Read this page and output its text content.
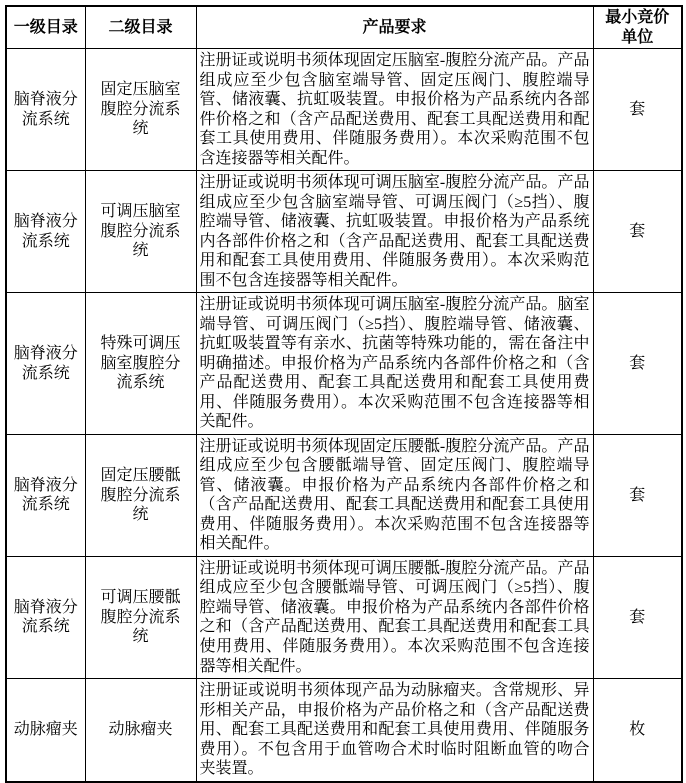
一级目录	二级目录	产品要求	最小竞价单位
脑脊液分流系统	固定压脑室腹腔分流系统	注册证或说明书须体现固定压脑室-腹腔分流产品。产品组成应至少包含脑室端导管、固定压阀门、腹腔端导管、储液囊、抗虹吸装置。申报价格为产品系统内各部件价格之和（含产品配送费用、配套工具配送费用和配套工具使用费用、伴随服务费用）。本次采购范围不包含连接器等相关配件。	套
脑脊液分流系统	可调压脑室腹腔分流系统	注册证或说明书须体现可调压脑室-腹腔分流产品。产品组成应至少包含脑室端导管、可调压阀门（≥5挡）、腹腔端导管、储液囊、抗虹吸装置。申报价格为产品系统内各部件价格之和（含产品配送费用、配套工具配送费用和配套工具使用费用、伴随服务费用）。本次采购范围不包含连接器等相关配件。	套
脑脊液分流系统	特殊可调压脑室腹腔分流系统	注册证或说明书须体现可调压脑室-腹腔分流产品。脑室端导管、可调压阀门（≥5挡）、腹腔端导管、储液囊、抗虹吸装置等有亲水、抗菌等特殊功能的，需在备注中明确描述。申报价格为产品系统内各部件价格之和（含产品配送费用、配套工具配送费用和配套工具使用费用、伴随服务费用）。本次采购范围不包含连接器等相关配件。	套
脑脊液分流系统	固定压腰骶腹腔分流系统	注册证或说明书须体现固定压腰骶-腹腔分流产品。产品组成应至少包含腰骶端导管、固定压阀门、腹腔端导管、储液囊。申报价格为产品系统内各部件价格之和（含产品配送费用、配套工具配送费用和配套工具使用费用、伴随服务费用）。本次采购范围不包含连接器等相关配件。	套
脑脊液分流系统	可调压腰骶腹腔分流系统	注册证或说明书须体现可调压腰骶-腹腔分流产品。产品组成应至少包含腰骶端导管、可调压阀门（≥5挡）、腹腔端导管、储液囊。申报价格为产品系统内各部件价格之和（含产品配送费用、配套工具配送费用和配套工具使用费用、伴随服务费用）。本次采购范围不包含连接器等相关配件。	套
动脉瘤夹	动脉瘤夹	注册证或说明书须体现产品为动脉瘤夹。含常规形、异形相关产品，申报价格为产品价格之和（含产品配送费用、配套工具配送费用和配套工具使用费用、伴随服务费用）。不包含用于血管吻合术时临时阻断血管的吻合夹装置。	枚
